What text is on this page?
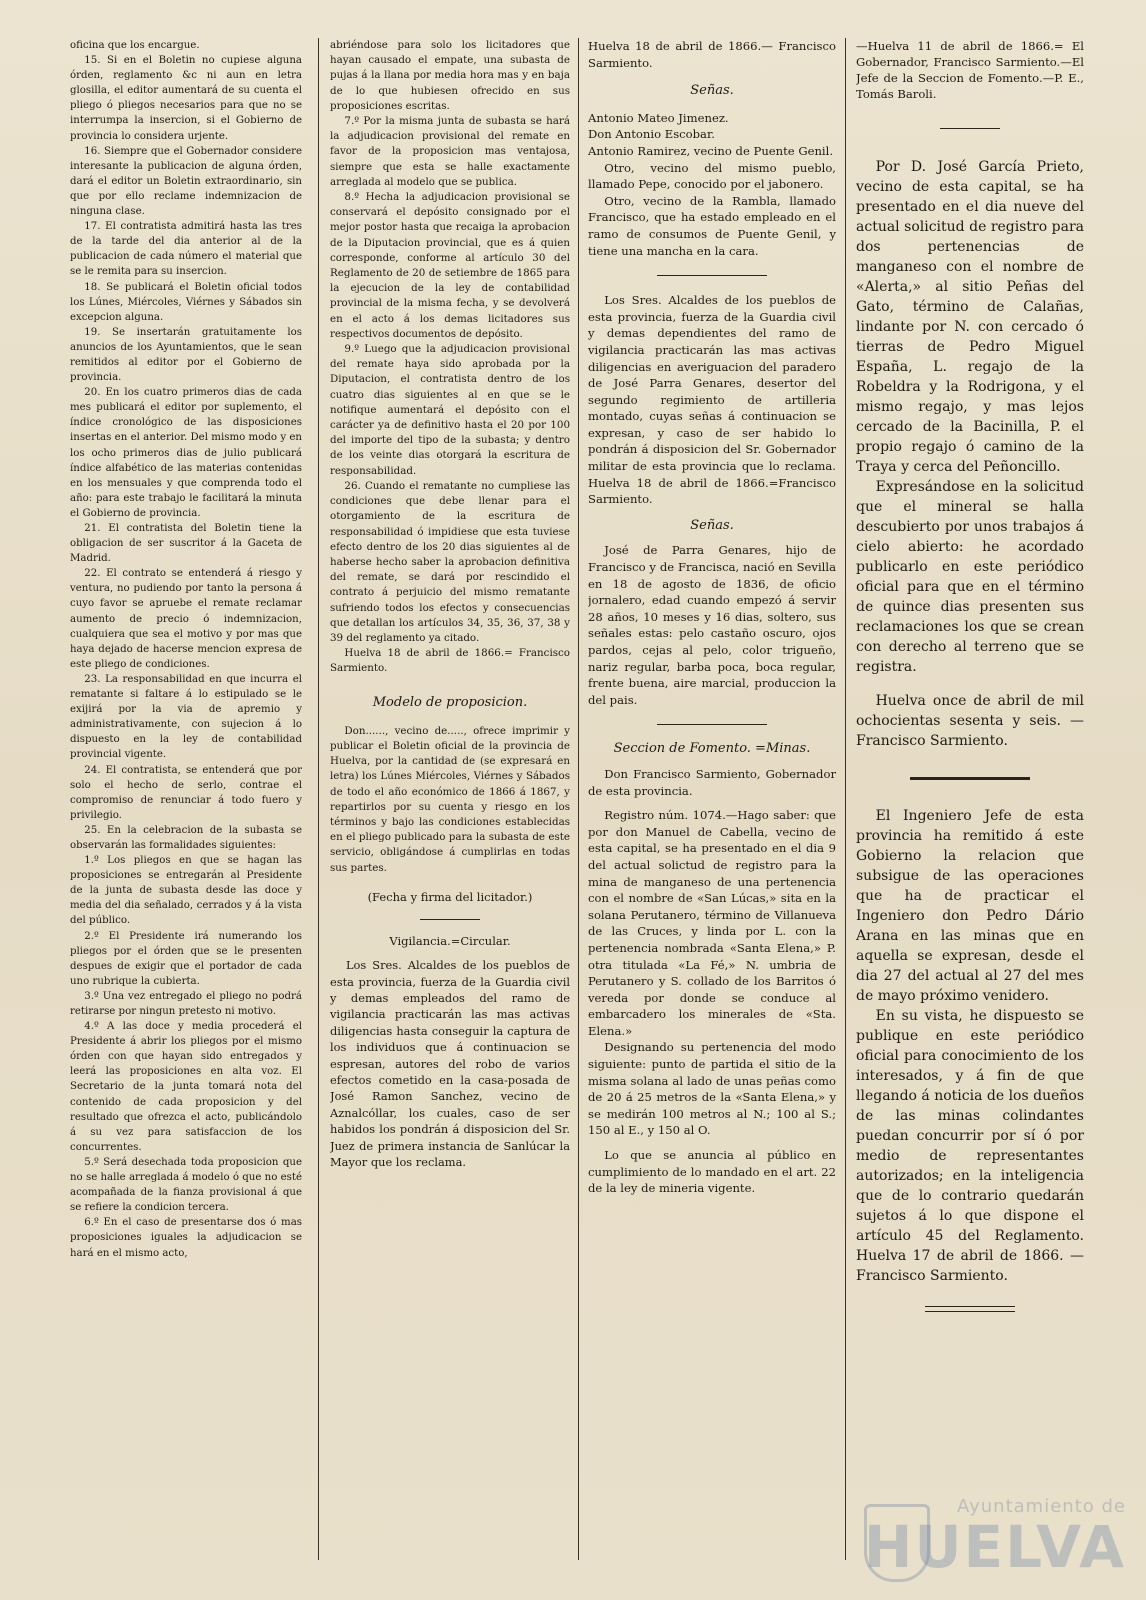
oficina que los encargue.

15. Si en el Boletin no cupiese alguna órden, reglamento &c ni aun en letra glosilla, el editor aumentará de su cuenta el pliego ó pliegos necesarios para que no se interrumpa la insercion, si el Gobierno de provincia lo considera urjente.

16. Siempre que el Gobernador considere interesante la publicacion de alguna órden, dará el editor un Boletin extraordinario, sin que por ello reclame indemnizacion de ninguna clase.

17. El contratista admitirá hasta las tres de la tarde del dia anterior al de la publicacion de cada número el material que se le remita para su insercion.

18. Se publicará el Boletin oficial todos los Lúnes, Miércoles, Viérnes y Sábados sin excepcion alguna.

19. Se insertarán gratuitamente los anuncios de los Ayuntamientos, que le sean remitidos al editor por el Gobierno de provincia.

20. En los cuatro primeros dias de cada mes publicará el editor por suplemento, el índice cronológico de las disposiciones insertas en el anterior. Del mismo modo y en los ocho primeros dias de julio publicará índice alfabético de las materias contenidas en los mensuales y que comprenda todo el año: para este trabajo le facilitará la minuta el Gobierno de provincia.

21. El contratista del Boletin tiene la obligacion de ser suscritor á la Gaceta de Madrid.

22. El contrato se entenderá á riesgo y ventura, no pudiendo por tanto la persona á cuyo favor se apruebe el remate reclamar aumento de precio ó indemnizacion, cualquiera que sea el motivo y por mas que haya dejado de hacerse mencion expresa de este pliego de condiciones.

23. La responsabilidad en que incurra el rematante si faltare á lo estipulado se le exijirá por la via de apremio y administrativamente, con sujecion á lo dispuesto en la ley de contabilidad provincial vigente.

24. El contratista, se entenderá que por solo el hecho de serlo, contrae el compromiso de renunciar á todo fuero y privilegio.

25. En la celebracion de la subasta se observarán las formalidades siguientes:

1.º Los pliegos en que se hagan las proposiciones se entregarán al Presidente de la junta de subasta desde las doce y media del dia señalado, cerrados y á la vista del público.

2.º El Presidente irá numerando los pliegos por el órden que se le presenten despues de exigir que el portador de cada uno rubrique la cubierta.

3.º Una vez entregado el pliego no podrá retirarse por ningun pretesto ni motivo.

4.º A las doce y media procederá el Presidente á abrir los pliegos por el mismo órden con que hayan sido entregados y leerá las proposiciones en alta voz. El Secretario de la junta tomará nota del contenido de cada proposicion y del resultado que ofrezca el acto, publicándolo á su vez para satisfaccion de los concurrentes.

5.º Será desechada toda proposicion que no se halle arreglada á modelo ó que no esté acompañada de la fianza provisional á que se refiere la condicion tercera.

6.º En el caso de presentarse dos ó mas proposiciones iguales la adjudicacion se hará en el mismo acto,

abriéndose para solo los licitadores que hayan causado el empate, una subasta de pujas á la llana por media hora mas y en baja de lo que hubiesen ofrecido en sus proposiciones escritas.

7.º Por la misma junta de subasta se hará la adjudicacion provisional del remate en favor de la proposicion mas ventajosa, siempre que esta se halle exactamente arreglada al modelo que se publica.

8.º Hecha la adjudicacion provisional se conservará el depósito consignado por el mejor postor hasta que recaiga la aprobacion de la Diputacion provincial, que es á quien corresponde, conforme al artículo 30 del Reglamento de 20 de setiembre de 1865 para la ejecucion de la ley de contabilidad provincial de la misma fecha, y se devolverá en el acto á los demas licitadores sus respectivos documentos de depósito.

9.º Luego que la adjudicacion provisional del remate haya sido aprobada por la Diputacion, el contratista dentro de los cuatro dias siguientes al en que se le notifique aumentará el depósito con el carácter ya de definitivo hasta el 20 por 100 del importe del tipo de la subasta; y dentro de los veinte dias otorgará la escritura de responsabilidad.

26. Cuando el rematante no cumpliese las condiciones que debe llenar para el otorgamiento de la escritura de responsabilidad ó impidiese que esta tuviese efecto dentro de los 20 dias siguientes al de haberse hecho saber la aprobacion definitiva del remate, se dará por rescindido el contrato á perjuicio del mismo rematante sufriendo todos los efectos y consecuencias que detallan los artículos 34, 35, 36, 37, 38 y 39 del reglamento ya citado.

Huelva 18 de abril de 1866.= Francisco Sarmiento.

Modelo de proposicion.

Don......, vecino de....., ofrece imprimir y publicar el Boletin oficial de la provincia de Huelva, por la cantidad de (se expresará en letra) los Lúnes Miércoles, Viérnes y Sábados de todo el año económico de 1866 á 1867, y repartirlos por su cuenta y riesgo en los términos y bajo las condiciones establecidas en el pliego publicado para la subasta de este servicio, obligándose á cumplirlas en todas sus partes.

(Fecha y firma del licitador.)

Vigilancia.=Circular.

Los Sres. Alcaldes de los pueblos de esta provincia, fuerza de la Guardia civil y demas empleados del ramo de vigilancia practicarán las mas activas diligencias hasta conseguir la captura de los individuos que á continuacion se espresan, autores del robo de varios efectos cometido en la casa-posada de José Ramon Sanchez, vecino de Aznalcóllar, los cuales, caso de ser habidos los pondrán á disposicion del Sr. Juez de primera instancia de Sanlúcar la Mayor que los reclama.

Huelva 18 de abril de 1866.— Francisco Sarmiento.

Señas.

Antonio Mateo Jimenez.

Don Antonio Escobar.

Antonio Ramirez, vecino de Puente Genil.

Otro, vecino del mismo pueblo, llamado Pepe, conocido por el jabonero.

Otro, vecino de la Rambla, llamado Francisco, que ha estado empleado en el ramo de consumos de Puente Genil, y tiene una mancha en la cara.

Los Sres. Alcaldes de los pueblos de esta provincia, fuerza de la Guardia civil y demas dependientes del ramo de vigilancia practicarán las mas activas diligencias en averiguacion del paradero de José Parra Genares, desertor del segundo regimiento de artilleria montado, cuyas señas á continuacion se expresan, y caso de ser habido lo pondrán á disposicion del Sr. Gobernador militar de esta provincia que lo reclama. Huelva 18 de abril de 1866.=Francisco Sarmiento.

Señas.

José de Parra Genares, hijo de Francisco y de Francisca, nació en Sevilla en 18 de agosto de 1836, de oficio jornalero, edad cuando empezó á servir 28 años, 10 meses y 16 dias, soltero, sus señales estas: pelo castaño oscuro, ojos pardos, cejas al pelo, color trigueño, nariz regular, barba poca, boca regular, frente buena, aire marcial, produccion la del pais.

Seccion de Fomento. =Minas.

Don Francisco Sarmiento, Gobernador de esta provincia.

Registro núm. 1074.—Hago saber: que por don Manuel de Cabella, vecino de esta capital, se ha presentado en el dia 9 del actual solictud de registro para la mina de manganeso de una pertenencia con el nombre de «San Lúcas,» sita en la solana Perutanero, término de Villanueva de las Cruces, y linda por L. con la pertenencia nombrada «Santa Elena,» P. otra titulada «La Fé,» N. umbria de Perutanero y S. collado de los Barritos ó vereda por donde se conduce al embarcadero los minerales de «Sta. Elena.»

Designando su pertenencia del modo siguiente: punto de partida el sitio de la misma solana al lado de unas peñas como de 20 á 25 metros de la «Santa Elena,» y se medirán 100 metros al N.; 100 al S.; 150 al E., y 150 al O.

Lo que se anuncia al público en cumplimiento de lo mandado en el art. 22 de la ley de mineria vigente.

—Huelva 11 de abril de 1866.= El Gobernador, Francisco Sarmiento.—El Jefe de la Seccion de Fomento.—P. E., Tomás Baroli.

Por D. José García Prieto, vecino de esta capital, se ha presentado en el dia nueve del actual solicitud de registro para dos pertenencias de manganeso con el nombre de «Alerta,» al sitio Peñas del Gato, término de Calañas, lindante por N. con cercado ó tierras de Pedro Miguel España, L. regajo de la Robeldra y la Rodrigona, y el mismo regajo, y mas lejos cercado de la Bacinilla, P. el propio regajo ó camino de la Traya y cerca del Peñoncillo.

Expresándose en la solicitud que el mineral se halla descubierto por unos trabajos á cielo abierto: he acordado publicarlo en este periódico oficial para que en el término de quince dias presenten sus reclamaciones los que se crean con derecho al terreno que se registra.

Huelva once de abril de mil ochocientas sesenta y seis. —Francisco Sarmiento.

El Ingeniero Jefe de esta provincia ha remitido á este Gobierno la relacion que subsigue de las operaciones que ha de practicar el Ingeniero don Pedro Dário Arana en las minas que en aquella se expresan, desde el dia 27 del actual al 27 del mes de mayo próximo venidero.

En su vista, he dispuesto se publique en este periódico oficial para conocimiento de los interesados, y á fin de que llegando á noticia de los dueños de las minas colindantes puedan concurrir por sí ó por medio de representantes autorizados; en la inteligencia que de lo contrario quedarán sujetos á lo que dispone el artículo 45 del Reglamento. Huelva 17 de abril de 1866. —Francisco Sarmiento.

Ayuntamiento de
HUELVA
